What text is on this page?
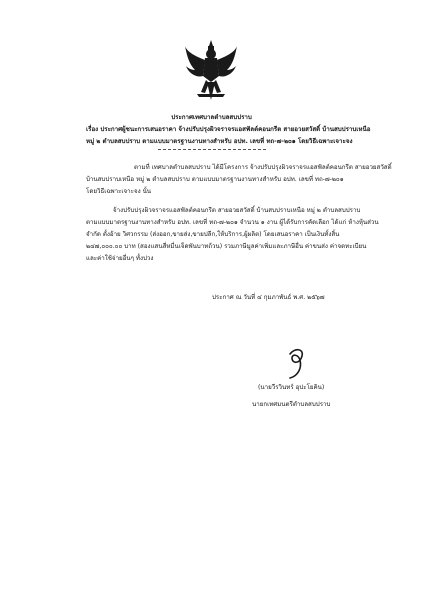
ประกาศเทศบาลตำบลสบปราบ
เรื่อง ประกาศผู้ชนะการเสนอราคา จ้างปรับปรุงผิวจราจรแอสฟัลต์คอนกรีต สายอวยสวัสดิ์ บ้านสบปราบเหนือ
หมู่ ๒ ตำบลสบปราบ ตามแบบมาตรฐานงานทางสำหรับ อปท. เลขที่ ทถ-๗-๒๐๑ โดยวิธีเฉพาะเจาะจง
ตามที่ เทศบาลตำบลสบปราบ ได้มีโครงการ จ้างปรับปรุงผิวจราจรแอสฟัลต์คอนกรีต สายอวยสวัสดิ์
บ้านสบปราบเหนือ หมู่ ๒ ตำบลสบปราบ ตามแบบมาตรฐานงานทางสำหรับ อปท. เลขที่ ทถ-๗-๒๐๑
โดยวิธีเฉพาะเจาะจง นั้น
จ้างปรับปรุงผิวจราจรแอสฟัลต์คอนกรีต สายอวยสวัสดิ์ บ้านสบปราบเหนือ หมู่ ๒ ตำบลสบปราบ
ตามแบบมาตรฐานงานทางสำหรับ อปท. เลขที่ ทถ-๗-๒๐๑ จำนวน ๑ งาน ผู้ได้รับการคัดเลือก ได้แก่ ห้างหุ้นส่วน
จำกัด ตั้งอ้าย วิศวกรรม (ส่งออก,ขายส่ง,ขายปลีก,ให้บริการ,ผู้ผลิต) โดยเสนอราคา เป็นเงินทั้งสิ้น
๒๔๗,๐๐๐.๐๐ บาท (สองแสนสี่หมื่นเจ็ดพันบาทถ้วน) รวมภาษีมูลค่าเพิ่มและภาษีอื่น ค่าขนส่ง ค่าจดทะเบียน
และค่าใช้จ่ายอื่นๆ ทั้งปวง
ประกาศ ณ วันที่ ๔ กุมภาพันธ์ พ.ศ. ๒๕๖๗
(นายวีรวินทร์ อุปะโยคิน)
นายกเทศมนตรีตำบลสบปราบ
